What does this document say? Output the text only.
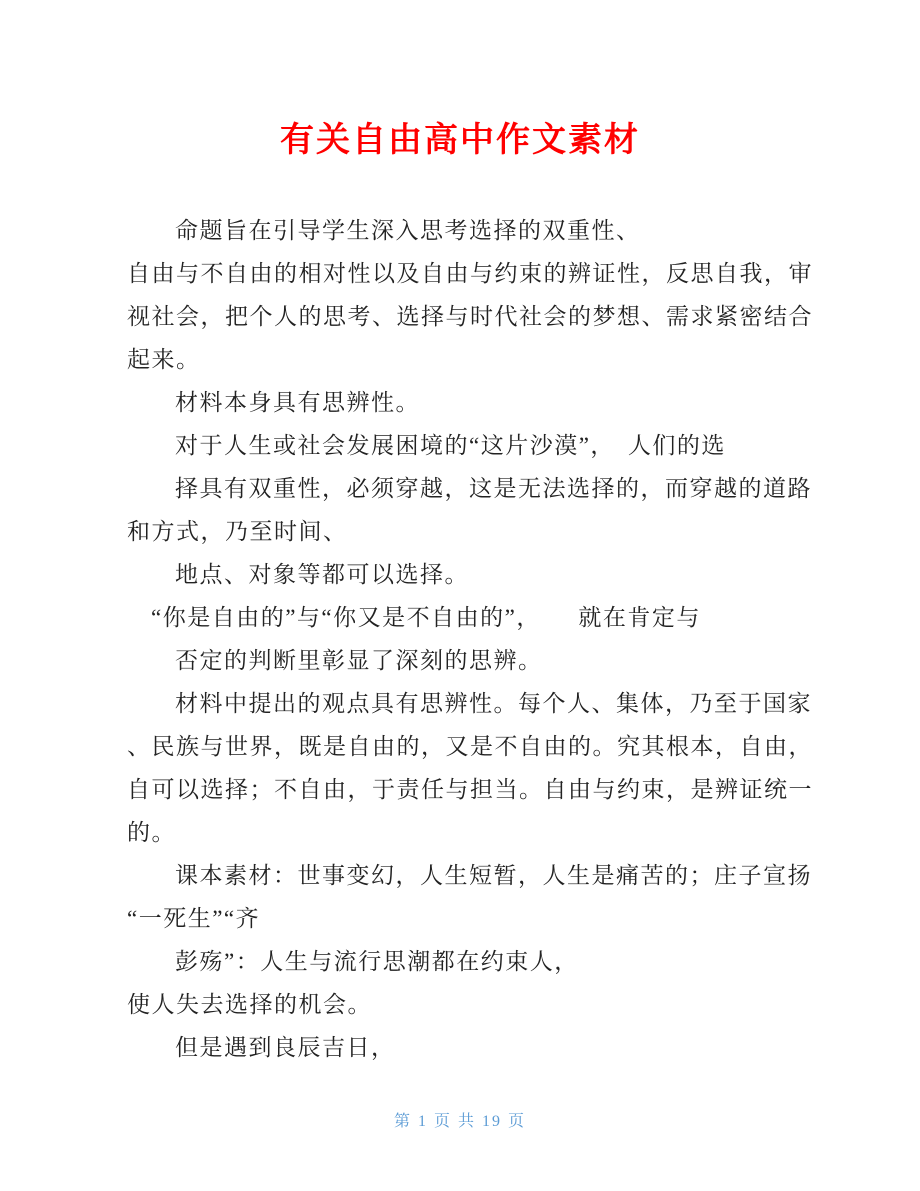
有关自由高中作文素材
命题旨在引导学生深入思考选择的双重性、
自由与不自由的相对性以及自由与约束的辨证性，反思自我，审
视社会，把个人的思考、选择与时代社会的梦想、需求紧密结合
起来。
材料本身具有思辨性。
对于人生或社会发展困境的“这片沙漠”，　人们的选
择具有双重性，必须穿越，这是无法选择的，而穿越的道路
和方式，乃至时间、
地点、对象等都可以选择。
“你是自由的”与“你又是不自由的”，　　就在肯定与
否定的判断里彰显了深刻的思辨。
材料中提出的观点具有思辨性。每个人、集体，乃至于国家
、民族与世界，既是自由的，又是不自由的。究其根本，自由，
自可以选择；不自由，于责任与担当。自由与约束，是辨证统一
的。
课本素材：世事变幻，人生短暂，人生是痛苦的；庄子宣扬
“一死生”“齐
彭殇”：人生与流行思潮都在约束人，
使人失去选择的机会。
但是遇到良辰吉日，
第 1 页 共 19 页
